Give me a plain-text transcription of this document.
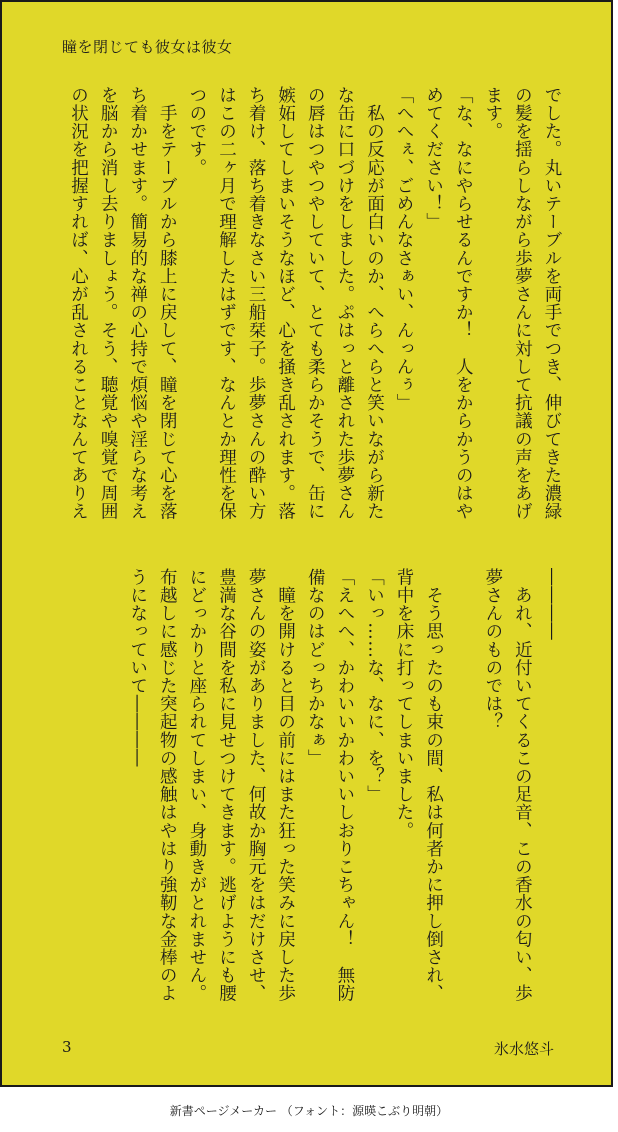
瞳を閉じても彼女は彼女
でした。丸いテーブルを両手でつき、伸びてきた濃緑
の髪を揺らしながら歩夢さんに対して抗議の声をあげ
ます。
「な、なにやらせるんですか！　人をからかうのはや
めてください！」
「へへぇ、ごめんなさぁい、んっんぅ」
　私の反応が面白いのか、へらへらと笑いながら新た
な缶に口づけをしました。ぷはっと離された歩夢さん
の唇はつやつやしていて、とても柔らかそうで、缶に
嫉妬してしまいそうなほど、心を掻き乱されます。落
ち着け、落ち着きなさい三船栞子。歩夢さんの酔い方
はこの二ヶ月で理解したはずです、なんとか理性を保
つのです。
　手をテーブルから膝上に戻して、瞳を閉じて心を落
ち着かせます。簡易的な禅の心持で煩悩や淫らな考え
を脳から消し去りましょう。そう、聴覚や嗅覚で周囲
の状況を把握すれば、心が乱されることなんてありえ
――――
　あれ、近付いてくるこの足音、この香水の匂い、歩
夢さんのものでは？

　そう思ったのも束の間、私は何者かに押し倒され、
背中を床に打ってしまいました。
「いっ……な、なに、を？」
「えへへ、かわいいかわいいしおりこちゃん！　無防
備なのはどっちかなぁ」
　瞳を開けると目の前にはまた狂った笑みに戻した歩
夢さんの姿がありました、何故か胸元をはだけさせ、
豊満な谷間を私に見せつけてきます。逃げようにも腰
にどっかりと座られてしまい、身動きがとれません。
布越しに感じた突起物の感触はやはり強靭な金棒のよ
うになっていて――――
3	氷水悠斗
新書ページメーカー （フォント：源暎こぶり明朝）
